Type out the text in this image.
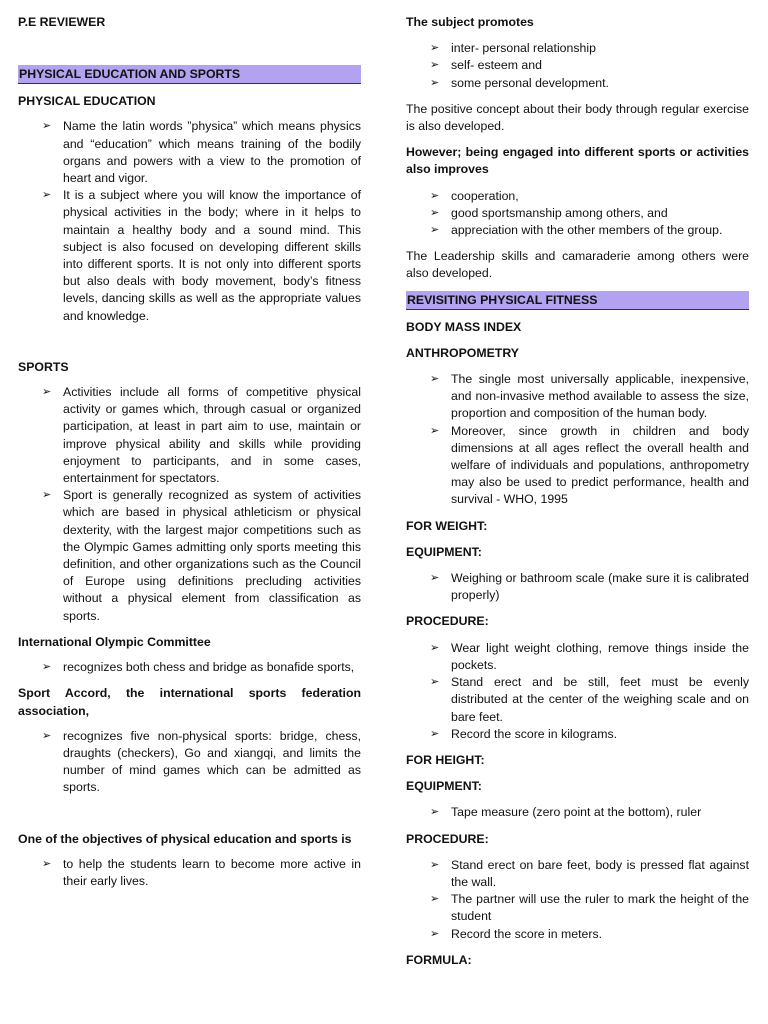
P.E REVIEWER

PHYSICAL EDUCATION AND SPORTS

PHYSICAL EDUCATION

➢ Name the latin words ”physica” which means physics and “education” which means training of the bodily organs and powers with a view to the promotion of heart and vigor.
➢ It is a subject where you will know the importance of physical activities in the body; where in it helps to maintain a healthy body and a sound mind. This subject is also focused on developing different skills into different sports. It is not only into different sports but also deals with body movement, body’s fitness levels, dancing skills as well as the appropriate values and knowledge.

SPORTS

➢ Activities include all forms of competitive physical activity or games which, through casual or organized participation, at least in part aim to use, maintain or improve physical ability and skills while providing enjoyment to participants, and in some cases, entertainment for spectators.
➢ Sport is generally recognized as system of activities which are based in physical athleticism or physical dexterity, with the largest major competitions such as the Olympic Games admitting only sports meeting this definition, and other organizations such as the Council of Europe using definitions precluding activities without a physical element from classification as sports.

International Olympic Committee

➢ recognizes both chess and bridge as bonafide sports,

Sport Accord, the international sports federation association,

➢ recognizes five non-physical sports: bridge, chess, draughts (checkers), Go and xiangqi, and limits the number of mind games which can be admitted as sports.

One of the objectives of physical education and sports is

➢ to help the students learn to become more active in their early lives.

The subject promotes

➢ inter- personal relationship
➢ self- esteem and
➢ some personal development.

The positive concept about their body through regular exercise is also developed.

However; being engaged into different sports or activities also improves

➢ cooperation,
➢ good sportsmanship among others, and
➢ appreciation with the other members of the group.

The Leadership skills and camaraderie among others were also developed.

REVISITING PHYSICAL FITNESS

BODY MASS INDEX

ANTHROPOMETRY

➢ The single most universally applicable, inexpensive, and non-invasive method available to assess the size, proportion and composition of the human body.
➢ Moreover, since growth in children and body dimensions at all ages reflect the overall health and welfare of individuals and populations, anthropometry may also be used to predict performance, health and survival - WHO, 1995

FOR WEIGHT:

EQUIPMENT:

➢ Weighing or bathroom scale (make sure it is calibrated properly)

PROCEDURE:

➢ Wear light weight clothing, remove things inside the pockets.
➢ Stand erect and be still, feet must be evenly distributed at the center of the weighing scale and on bare feet.
➢ Record the score in kilograms.

FOR HEIGHT:

EQUIPMENT:

➢ Tape measure (zero point at the bottom), ruler

PROCEDURE:

➢ Stand erect on bare feet, body is pressed flat against the wall.
➢ The partner will use the ruler to mark the height of the student
➢ Record the score in meters.

FORMULA:
